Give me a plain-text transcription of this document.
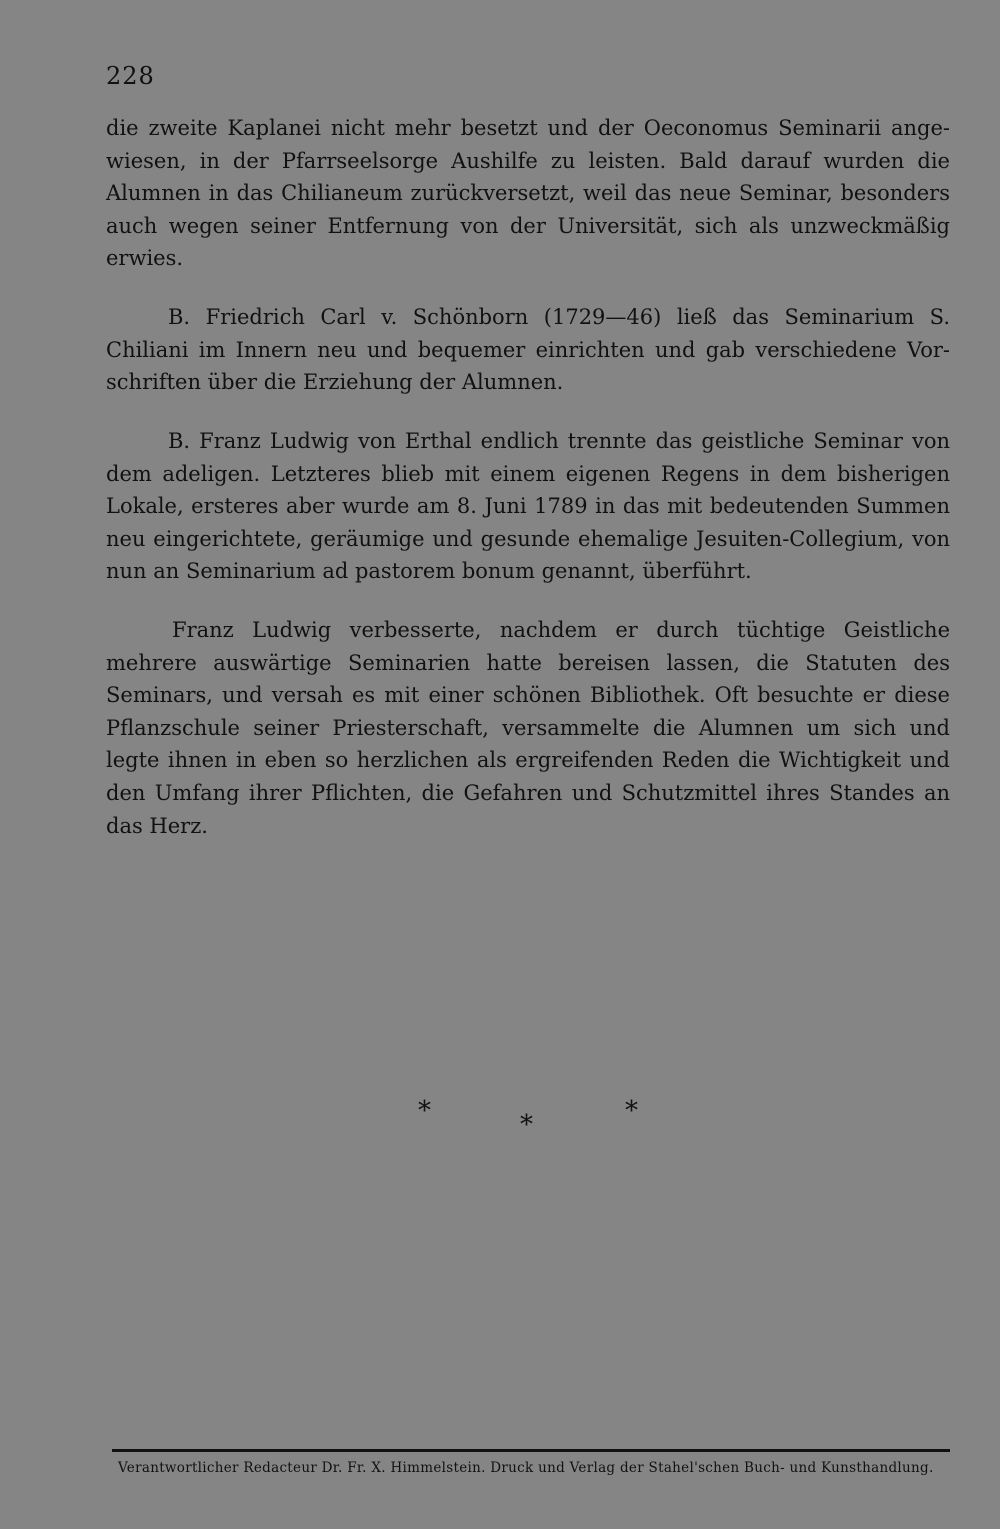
228

die zweite Kaplanei nicht mehr besetzt und der Oeconomus Seminarii angewiesen, in der Pfarrseelsorge Aushilfe zu leisten. Bald darauf wurden die Alumnen in das Chilianeum zurückversetzt, weil das neue Seminar, besonders auch wegen seiner Entfernung von der Universität, sich als unzweckmäßig erwies.

B. Friedrich Carl v. Schönborn (1729—46) ließ das Seminarium S. Chiliani im Innern neu und bequemer einrichten und gab verschiedene Vorschriften über die Erziehung der Alumnen.

B. Franz Ludwig von Erthal endlich trennte das geistliche Seminar von dem adeligen. Letzteres blieb mit einem eigenen Regens in dem bisherigen Lokale, ersteres aber wurde am 8. Juni 1789 in das mit bedeutenden Summen neu eingerichtete, geräumige und gesunde ehemalige Jesuiten-Collegium, von nun an Seminarium ad pastorem bonum genannt, überführt.

Franz Ludwig verbesserte, nachdem er durch tüchtige Geistliche mehrere auswärtige Seminarien hatte bereisen lassen, die Statuten des Seminars, und versah es mit einer schönen Bibliothek. Oft besuchte er diese Pflanzschule seiner Priesterschaft, versammelte die Alumnen um sich und legte ihnen in eben so herzlichen als ergreifenden Reden die Wichtigkeit und den Umfang ihrer Pflichten, die Gefahren und Schutzmittel ihres Standes an das Herz.

*	*	*
Verantwortlicher Redacteur Dr. Fr. X. Himmelstein. Druck und Verlag der Stahel'schen Buch- und Kunsthandlung.
